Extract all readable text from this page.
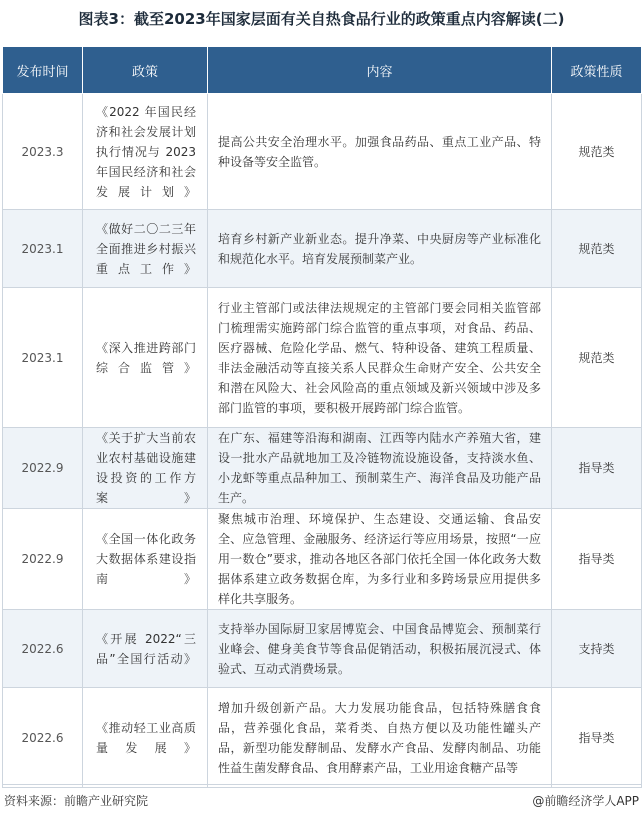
图表3：截至2023年国家层面有关自热食品行业的政策重点内容解读(二)
发布时间	政策	内容	政策性质
2023.3	《2022 年国民经济和社会发展计划执行情况与 2023 年国民经济和社会发展计划》	提高公共安全治理水平。加强食品药品、重点工业产品、特种设备等安全监管。	规范类
2023.1	《做好二〇二三年全面推进乡村振兴重点工作》	培育乡村新产业新业态。提升净菜、中央厨房等产业标准化和规范化水平。培育发展预制菜产业。	规范类
2023.1	《深入推进跨部门综合监管》	行业主管部门或法律法规规定的主管部门要会同相关监管部门梳理需实施跨部门综合监管的重点事项，对食品、药品、医疗器械、危险化学品、燃气、特种设备、建筑工程质量、非法金融活动等直接关系人民群众生命财产安全、公共安全和潜在风险大、社会风险高的重点领域及新兴领域中涉及多部门监管的事项，要积极开展跨部门综合监管。	规范类
2022.9	《关于扩大当前农业农村基础设施建设投资的工作方案》	在广东、福建等沿海和湖南、江西等内陆水产养殖大省，建设一批水产品就地加工及冷链物流设施设备，支持淡水鱼、小龙虾等重点品种加工、预制菜生产、海洋食品及功能产品生产。	指导类
2022.9	《全国一体化政务大数据体系建设指南》	聚焦城市治理、环境保护、生态建设、交通运输、食品安全、应急管理、金融服务、经济运行等应用场景，按照“一应用一数仓”要求，推动各地区各部门依托全国一体化政务大数据体系建立政务数据仓库，为多行业和多跨场景应用提供多样化共享服务。	指导类
2022.6	《开展 2022“三品”全国行活动》	支持举办国际厨卫家居博览会、中国食品博览会、预制菜行业峰会、健身美食节等食品促销活动，积极拓展沉浸式、体验式、互动式消费场景。	支持类
2022.6	《推动轻工业高质量发展》	增加升级创新产品。大力发展功能食品，包括特殊膳食食品，营养强化食品，菜肴类、自热方便以及功能性罐头产品，新型功能发酵制品、发酵水产食品、发酵肉制品、功能性益生菌发酵食品、食用酵素产品，工业用途食糖产品等	指导类
资料来源：前瞻产业研究院	@前瞻经济学人APP
